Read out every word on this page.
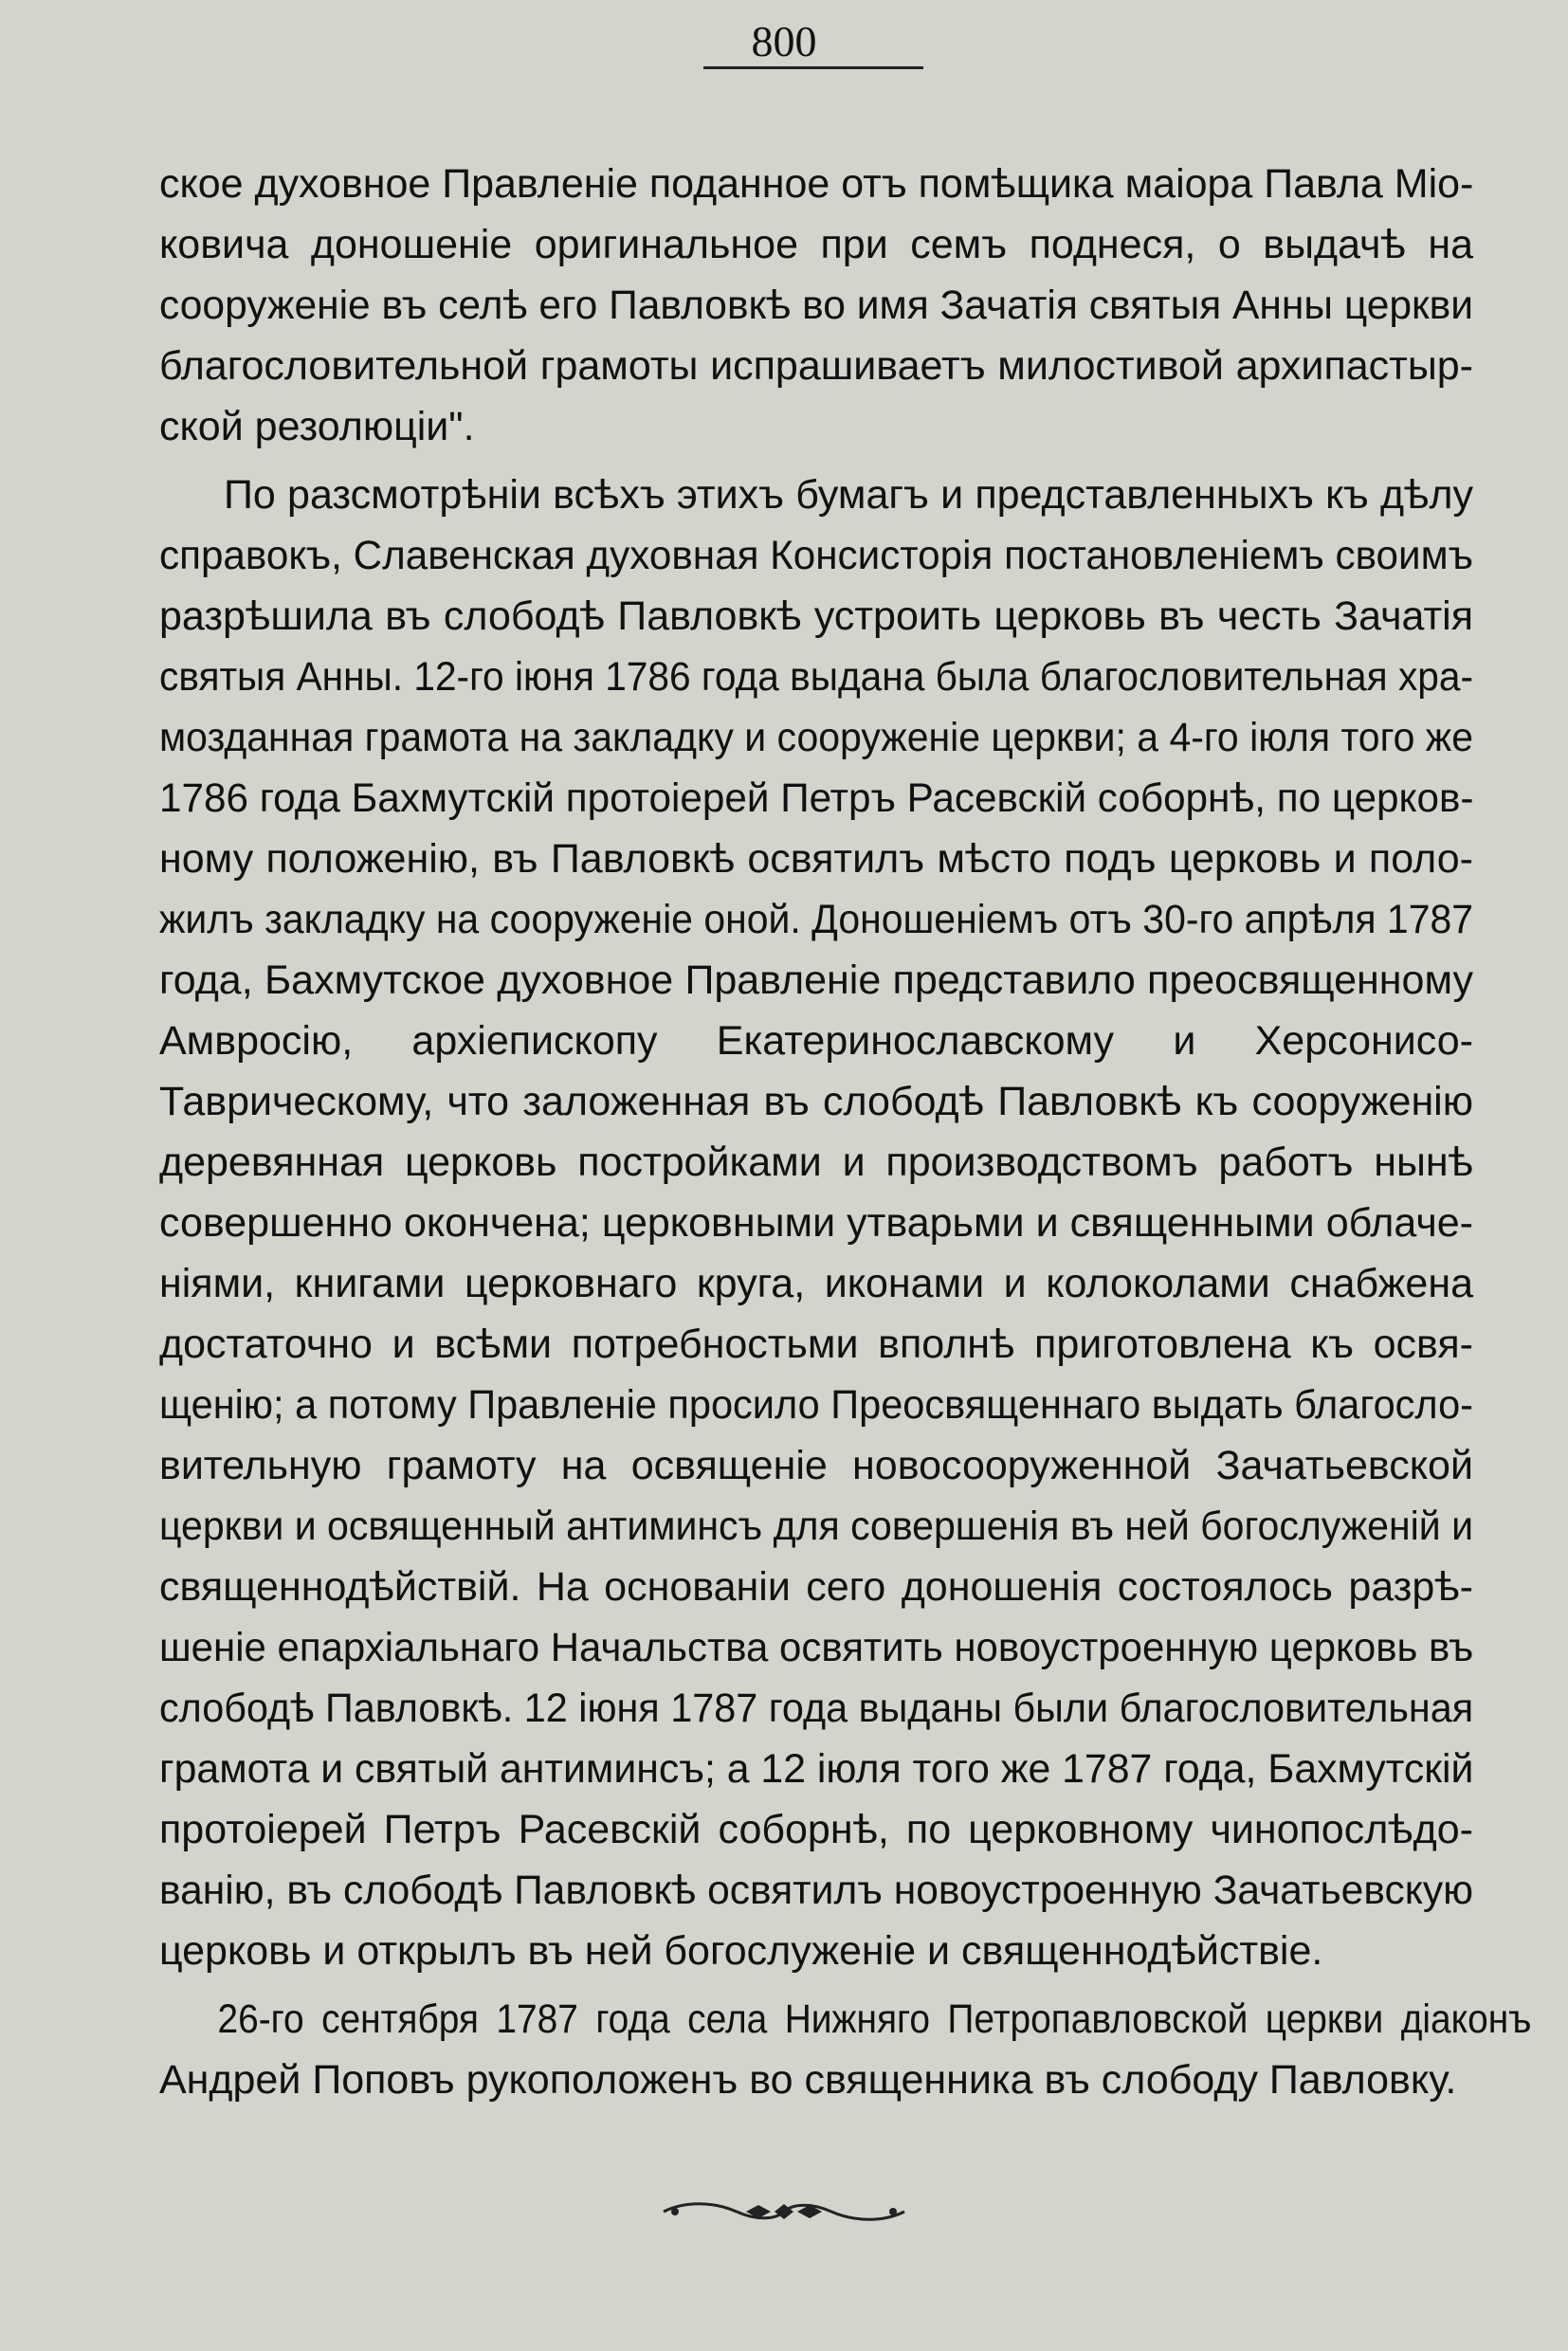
800
ское духовное Правленіе поданное отъ помѣщика маіора Павла Міо-
ковича доношеніе оригинальное при семъ поднеся, о выдачѣ на
сооруженіе въ селѣ его Павловкѣ во имя Зачатія святыя Анны церкви
благословительной грамоты испрашиваетъ милостивой архипастыр-
ской резолюціи".
По разсмотрѣніи всѣхъ этихъ бумагъ и представленныхъ къ дѣлу
справокъ, Славенская духовная Консисторія постановленіемъ своимъ
разрѣшила въ слободѣ Павловкѣ устроить церковь въ честь Зачатія
святыя Анны. 12-го іюня 1786 года выдана была благословительная хра-
мозданная грамота на закладку и сооруженіе церкви; а 4-го іюля того же
1786 года Бахмутскій протоіерей Петръ Расевскій соборнѣ, по церков-
ному положенію, въ Павловкѣ освятилъ мѣсто подъ церковь и поло-
жилъ закладку на сооруженіе оной. Доношеніемъ отъ 30-го апрѣля 1787
года, Бахмутское духовное Правленіе представило преосвященному
Амвросію, архіепископу Екатеринославскому и Херсонисо-
Таврическому, что заложенная въ слободѣ Павловкѣ къ сооруженію
деревянная церковь постройками и производствомъ работъ нынѣ
совершенно окончена; церковными утварьми и священными облаче-
ніями, книгами церковнаго круга, иконами и колоколами снабжена
достаточно и всѣми потребностьми вполнѣ приготовлена къ освя-
щенію; а потому Правленіе просило Преосвященнаго выдать благосло-
вительную грамоту на освященіе новосооруженной Зачатьевской
церкви и освященный антиминсъ для совершенія въ ней богослуженій и
священнодѣйствій. На основаніи сего доношенія состоялось разрѣ-
шеніе епархіальнаго Начальства освятить новоустроенную церковь въ
слободѣ Павловкѣ. 12 іюня 1787 года выданы были благословительная
грамота и святый антиминсъ; а 12 іюля того же 1787 года, Бахмутскій
протоіерей Петръ Расевскій соборнѣ, по церковному чинопослѣдо-
ванію, въ слободѣ Павловкѣ освятилъ новоустроенную Зачатьевскую
церковь и открылъ въ ней богослуженіе и священнодѣйствіе.
26-го сентября 1787 года села Нижняго Петропавловской церкви діаконъ
Андрей Поповъ рукоположенъ во священника въ слободу Павловку.
